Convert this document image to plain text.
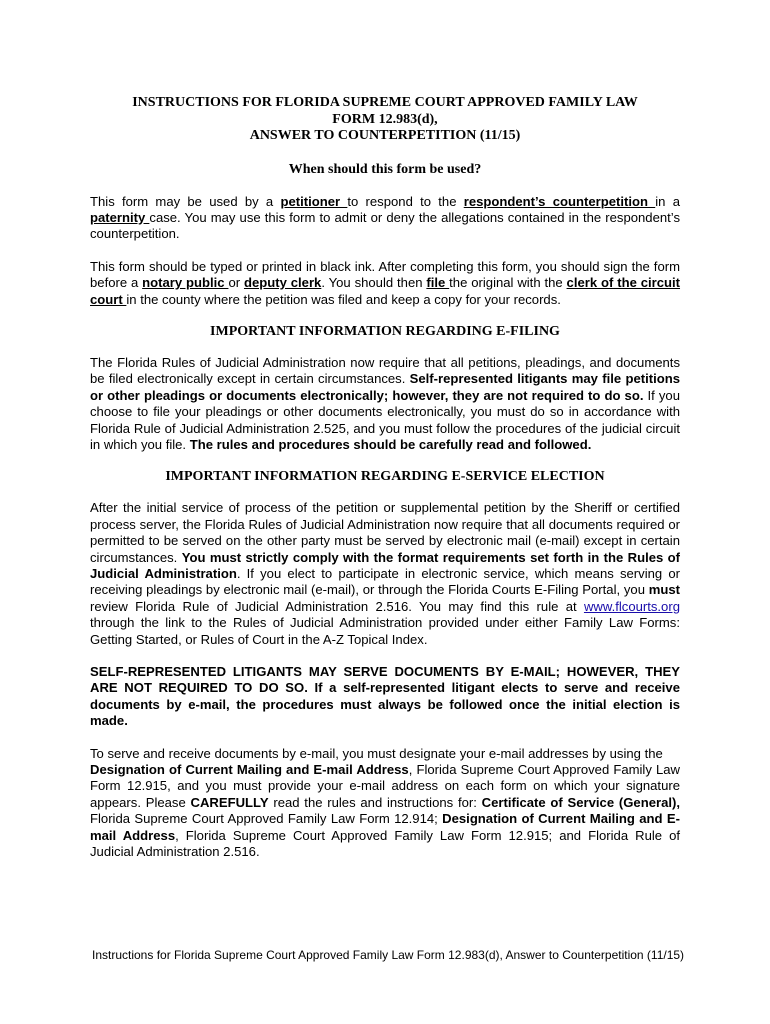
INSTRUCTIONS FOR FLORIDA SUPREME COURT APPROVED FAMILY LAW
FORM 12.983(d),
ANSWER TO COUNTERPETITION (11/15)
When should this form be used?

This form may be used by a petitioner to respond to the respondent’s counterpetition in a paternity case. You may use this form to admit or deny the allegations contained in the respondent’s counterpetition.

This form should be typed or printed in black ink. After completing this form, you should sign the form before a notary public or deputy clerk. You should then file the original with the clerk of the circuit court in the county where the petition was filed and keep a copy for your records.

IMPORTANT INFORMATION REGARDING E-FILING

The Florida Rules of Judicial Administration now require that all petitions, pleadings, and documents be filed electronically except in certain circumstances. Self-represented litigants may file petitions or other pleadings or documents electronically; however, they are not required to do so. If you choose to file your pleadings or other documents electronically, you must do so in accordance with Florida Rule of Judicial Administration 2.525, and you must follow the procedures of the judicial circuit in which you file. The rules and procedures should be carefully read and followed.

IMPORTANT INFORMATION REGARDING E-SERVICE ELECTION

After the initial service of process of the petition or supplemental petition by the Sheriff or certified process server, the Florida Rules of Judicial Administration now require that all documents required or permitted to be served on the other party must be served by electronic mail (e-mail) except in certain circumstances. You must strictly comply with the format requirements set forth in the Rules of Judicial Administration. If you elect to participate in electronic service, which means serving or receiving pleadings by electronic mail (e-mail), or through the Florida Courts E-Filing Portal, you must review Florida Rule of Judicial Administration 2.516. You may find this rule at www.flcourts.org through the link to the Rules of Judicial Administration provided under either Family Law Forms: Getting Started, or Rules of Court in the A-Z Topical Index.

SELF-REPRESENTED LITIGANTS MAY SERVE DOCUMENTS BY E-MAIL; HOWEVER, THEY ARE NOT REQUIRED TO DO SO. If a self-represented litigant elects to serve and receive documents by e-mail, the procedures must always be followed once the initial election is made.

To serve and receive documents by e-mail, you must designate your e-mail addresses by using the
Designation of Current Mailing and E-mail Address, Florida Supreme Court Approved Family Law Form 12.915, and you must provide your e-mail address on each form on which your signature appears. Please CAREFULLY read the rules and instructions for: Certificate of Service (General), Florida Supreme Court Approved Family Law Form 12.914; Designation of Current Mailing and E-mail Address, Florida Supreme Court Approved Family Law Form 12.915; and Florida Rule of Judicial Administration 2.516.

Instructions for Florida Supreme Court Approved Family Law Form 12.983(d), Answer to Counterpetition (11/15)
